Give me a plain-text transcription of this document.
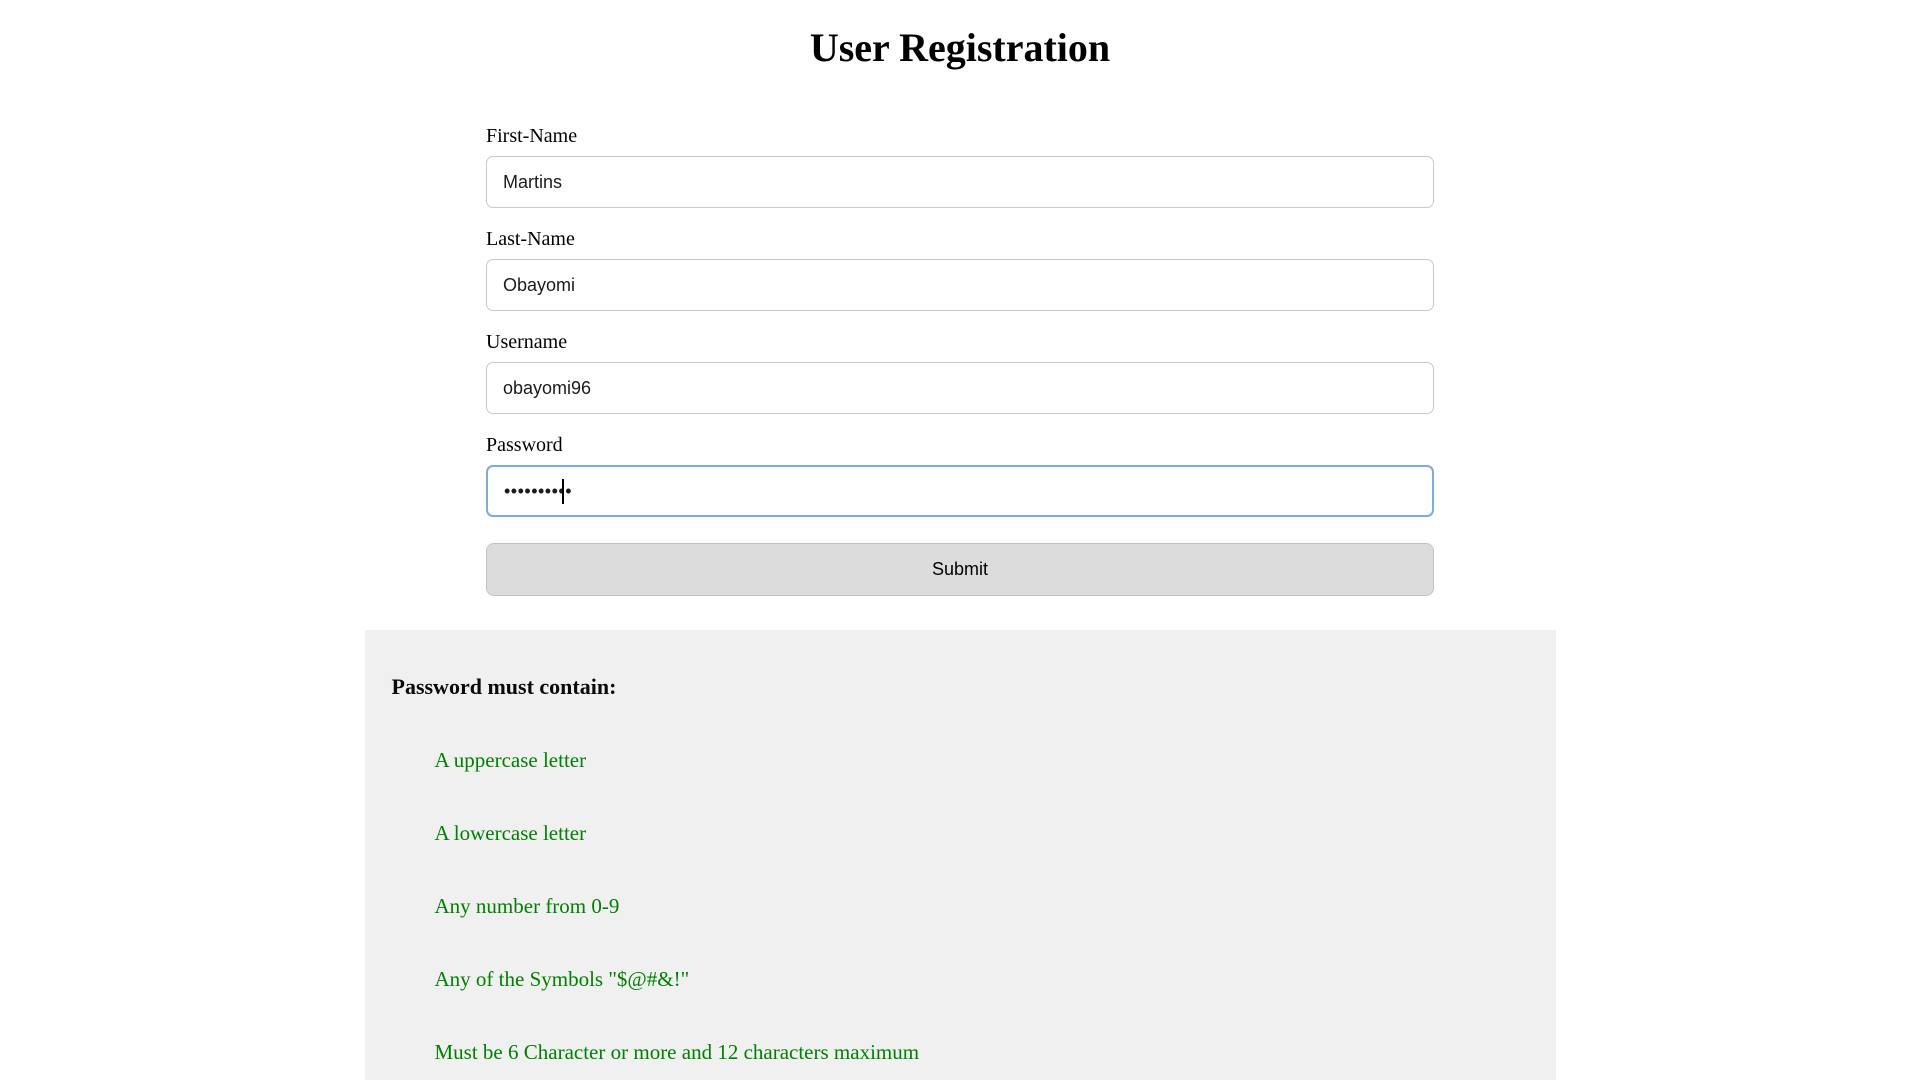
User Registration
First-Name
Martins
Last-Name
Obayomi
Username
obayomi96
Password
••••••••••
Submit

Password must contain:

A uppercase letter

A lowercase letter

Any number from 0-9

Any of the Symbols "$@#&!"

Must be 6 Character or more and 12 characters maximum
